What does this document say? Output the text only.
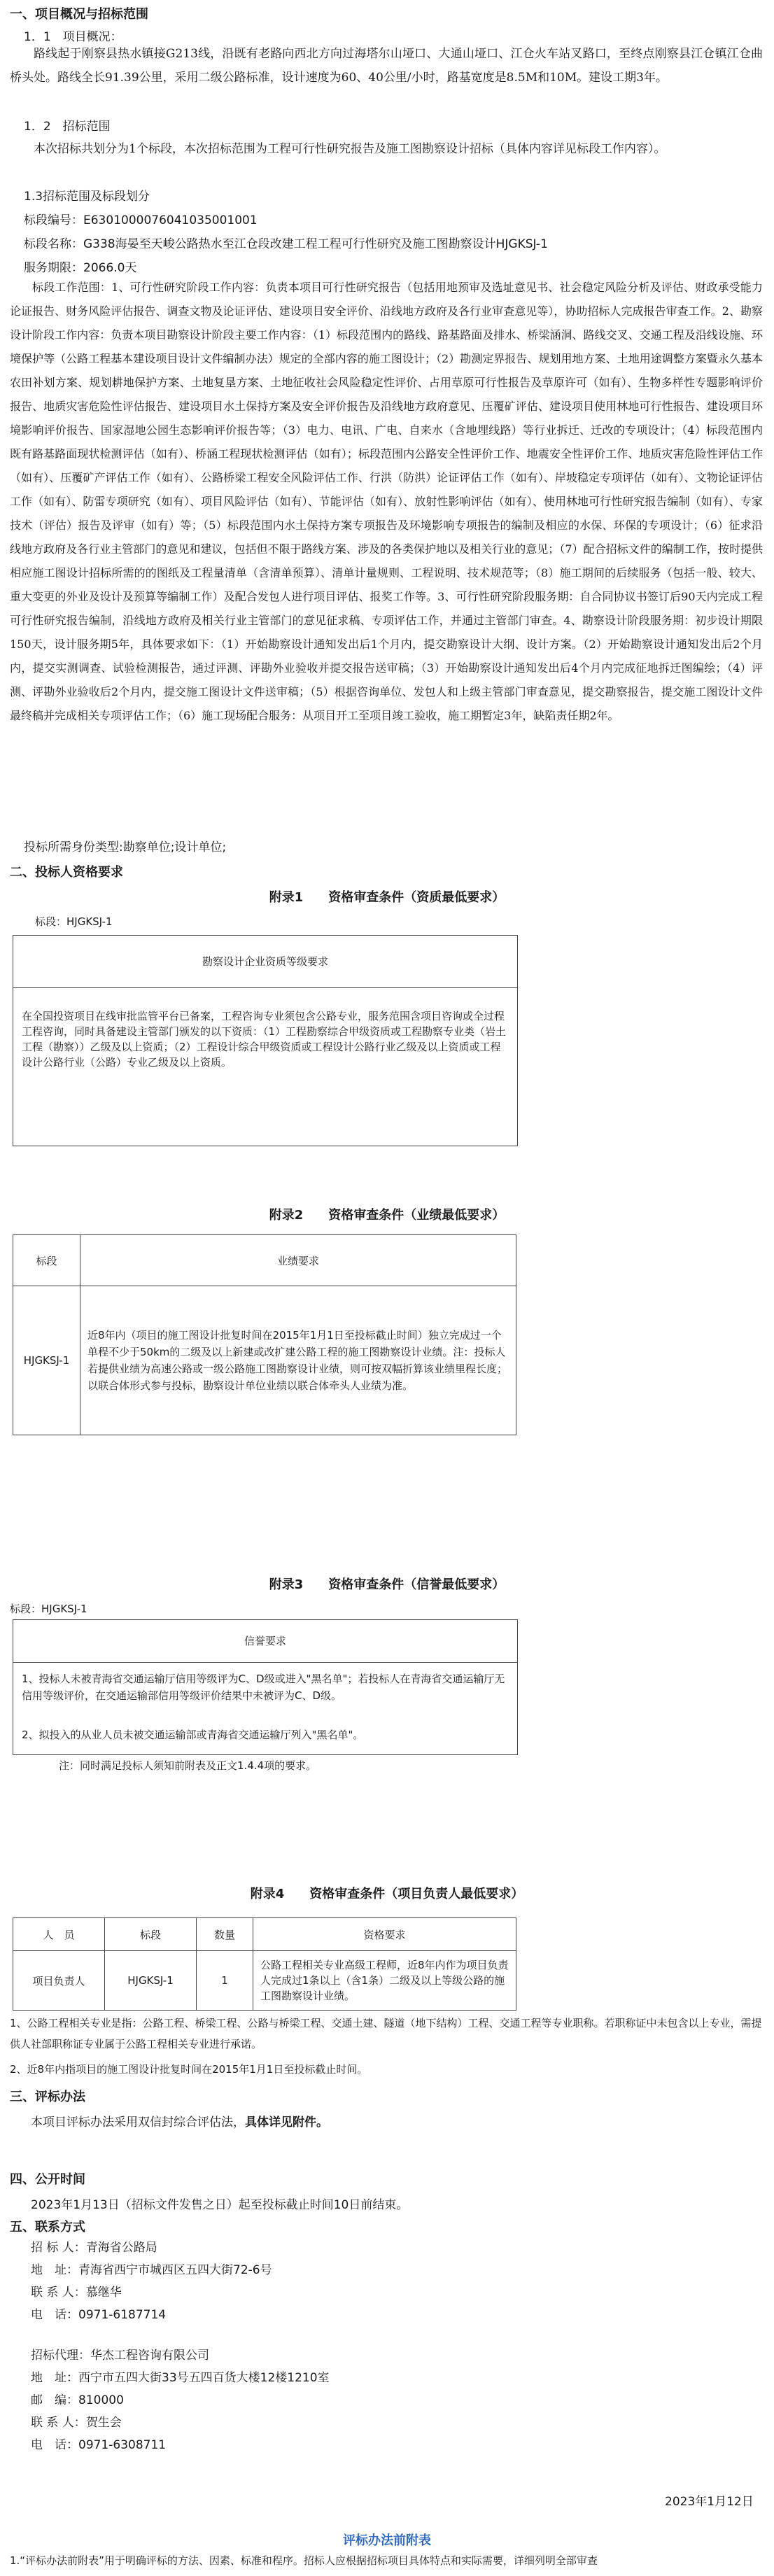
一、项目概况与招标范围
1．1　项目概况：
路线起于刚察县热水镇接G213线，沿既有老路向西北方向过海塔尔山垭口、大通山垭口、江仓火车站叉路口，至终点刚察县江仓镇江仓曲桥头处。路线全长91.39公里，采用二级公路标准，设计速度为60、40公里/小时，路基宽度是8.5M和10M。建设工期3年。
1．2　招标范围
本次招标共划分为1个标段，本次招标范围为工程可行性研究报告及施工图勘察设计招标（具体内容详见标段工作内容）。
1.3招标范围及标段划分
标段编号：E6301000076041035001001
标段名称：G338海晏至天峻公路热水至江仓段改建工程工程可行性研究及施工图勘察设计HJGKSJ-1
服务期限：2066.0天
标段工作范围：1、可行性研究阶段工作内容：负责本项目可行性研究报告（包括用地预审及选址意见书、社会稳定风险分析及评估、财政承受能力论证报告、财务风险评估报告、调查文物及论证评估、建设项目安全评价、沿线地方政府及各行业审查意见等），协助招标人完成报告审查工作。2、勘察设计阶段工作内容：负责本项目勘察设计阶段主要工作内容：（1）标段范围内的路线、路基路面及排水、桥梁涵洞、路线交叉、交通工程及沿线设施、环境保护等（公路工程基本建设项目设计文件编制办法）规定的全部内容的施工图设计；（2）勘测定界报告、规划用地方案、土地用途调整方案暨永久基本农田补划方案、规划耕地保护方案、土地复垦方案、土地征收社会风险稳定性评价、占用草原可行性报告及草原许可（如有）、生物多样性专题影响评价报告、地质灾害危险性评估报告、建设项目水土保持方案及安全评价报告及沿线地方政府意见、压覆矿评估、建设项目使用林地可行性报告、建设项目环境影响评价报告、国家湿地公园生态影响评价报告等；（3）电力、电讯、广电、自来水（含地埋线路）等行业拆迁、迁改的专项设计；（4）标段范围内既有路基路面现状检测评估（如有）、桥涵工程现状检测评估（如有）；标段范围内公路安全性评价工作、地震安全性评价工作、地质灾害危险性评估工作（如有）、压覆矿产评估工作（如有）、公路桥梁工程安全风险评估工作、行洪（防洪）论证评估工作（如有）、岸坡稳定专项评估（如有）、文物论证评估工作（如有）、防雷专项研究（如有）、项目风险评估（如有）、节能评估（如有）、放射性影响评估（如有）、使用林地可行性研究报告编制（如有）、专家技术（评估）报告及评审（如有）等；（5）标段范围内水土保持方案专项报告及环境影响专项报告的编制及相应的水保、环保的专项设计；（6）征求沿线地方政府及各行业主管部门的意见和建议，包括但不限于路线方案、涉及的各类保护地以及相关行业的意见；（7）配合招标文件的编制工作，按时提供相应施工图设计招标所需的的图纸及工程量清单（含清单预算）、清单计量规则、工程说明、技术规范等；（8）施工期间的后续服务（包括一般、较大、重大变更的外业及设计及预算等编制工作）及配合发包人进行项目评估、报奖工作等。3、可行性研究阶段服务期：自合同协议书签订后90天内完成工程可行性研究报告编制，沿线地方政府及相关行业主管部门的意见征求稿、专项评估工作，并通过主管部门审查。4、勘察设计阶段服务期：初步设计期限150天，设计服务期5年，具体要求如下：（1）开始勘察设计通知发出后1个月内，提交勘察设计大纲、设计方案。（2）开始勘察设计通知发出后2个月内，提交实测调查、试验检测报告，通过评测、评勘外业验收并提交报告送审稿；（3）开始勘察设计通知发出后4个月内完成征地拆迁图编绘；（4）评测、评勘外业验收后2个月内，提交施工图设计文件送审稿；（5）根据咨询单位、发包人和上级主管部门审查意见，提交勘察报告，提交施工图设计文件最终稿并完成相关专项评估工作；（6）施工现场配合服务：从项目开工至项目竣工验收，施工期暂定3年，缺陷责任期2年。
投标所需身份类型:勘察单位;设计单位;
二、投标人资格要求
附录1　　资格审查条件（资质最低要求）
标段：HJGKSJ-1
勘察设计企业资质等级要求
在全国投资项目在线审批监管平台已备案，工程咨询专业须包含公路专业，服务范围含项目咨询或全过程工程咨询，同时具备建设主管部门颁发的以下资质：（1）工程勘察综合甲级资质或工程勘察专业类（岩土工程（勘察））乙级及以上资质；（2）工程设计综合甲级资质或工程设计公路行业乙级及以上资质或工程设计公路行业（公路）专业乙级及以上资质。
附录2　　资格审查条件（业绩最低要求）
标段	业绩要求
HJGKSJ-1	近8年内（项目的施工图设计批复时间在2015年1月1日至投标截止时间）独立完成过一个单程不少于50km的二级及以上新建或改扩建公路工程的施工图勘察设计业绩。注：投标人若提供业绩为高速公路或一级公路施工图勘察设计业绩，则可按双幅折算该业绩里程长度；以联合体形式参与投标，勘察设计单位业绩以联合体牵头人业绩为准。
附录3　　资格审查条件（信誉最低要求）
标段：HJGKSJ-1
信誉要求
1、投标人未被青海省交通运输厅信用等级评为C、D级或进入"黑名单"；若投标人在青海省交通运输厅无信用等级评价，在交通运输部信用等级评价结果中未被评为C、D级。
2、拟投入的从业人员未被交通运输部或青海省交通运输厅列入"黑名单"。
注：同时满足投标人须知前附表及正文1.4.4项的要求。
附录4　　资格审查条件（项目负责人最低要求）
人　员	标段	数量	资格要求
项目负责人	HJGKSJ-1	1	公路工程相关专业高级工程师，近8年内作为项目负责人完成过1条以上（含1条）二级及以上等级公路的施工图勘察设计业绩。
1、公路工程相关专业是指：公路工程、桥梁工程、公路与桥梁工程、交通土建、隧道（地下结构）工程、交通工程等专业职称。若职称证中未包含以上专业，需提供人社部职称证专业属于公路工程相关专业进行承诺。
2、近8年内指项目的施工图设计批复时间在2015年1月1日至投标截止时间。
三、评标办法
本项目评标办法采用双信封综合评估法，具体详见附件。
四、公开时间
2023年1月13日（招标文件发售之日）起至投标截止时间10日前结束。
五、联系方式
招 标 人：青海省公路局
地　址：青海省西宁市城西区五四大街72-6号
联 系 人：慕继华
电　话：0971-6187714
招标代理：华杰工程咨询有限公司
地　址：西宁市五四大街33号五四百货大楼12楼1210室
邮　编：810000
联 系 人：贺生会
电　话：0971-6308711
2023年1月12日
评标办法前附表
1.“评标办法前附表”用于明确评标的方法、因素、标准和程序。招标人应根据招标项目具体特点和实际需要，详细列明全部审查
